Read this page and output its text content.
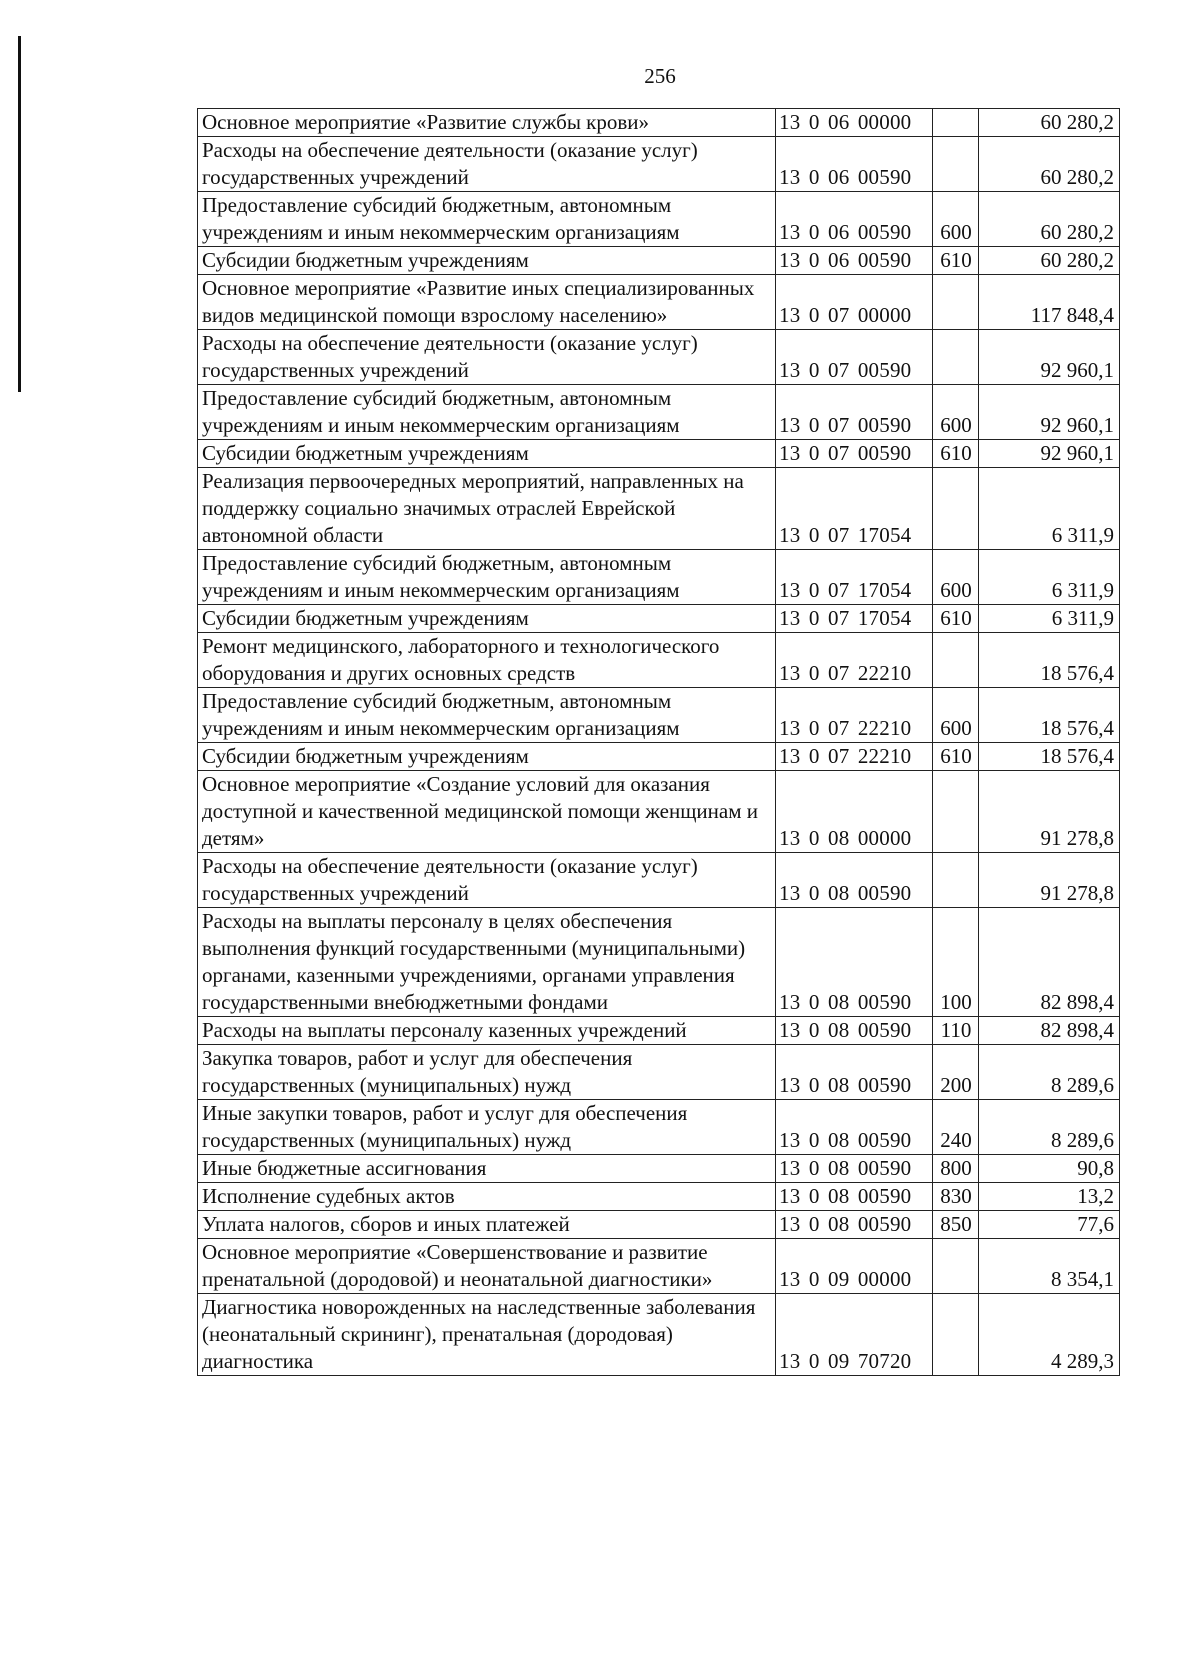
256
Основное мероприятие «Развитие службы крови»	13 0 06 00000		60 280,2
Расходы на обеспечение деятельности (оказание услуг) государственных учреждений	13 0 06 00590		60 280,2
Предоставление субсидий бюджетным, автономным учреждениям и иным некоммерческим организациям	13 0 06 00590	600	60 280,2
Субсидии бюджетным учреждениям	13 0 06 00590	610	60 280,2
Основное мероприятие «Развитие иных специализированных видов медицинской помощи взрослому населению»	13 0 07 00000		117 848,4
Расходы на обеспечение деятельности (оказание услуг) государственных учреждений	13 0 07 00590		92 960,1
Предоставление субсидий бюджетным, автономным учреждениям и иным некоммерческим организациям	13 0 07 00590	600	92 960,1
Субсидии бюджетным учреждениям	13 0 07 00590	610	92 960,1
Реализация первоочередных мероприятий, направленных на поддержку социально значимых отраслей Еврейской автономной области	13 0 07 17054		6 311,9
Предоставление субсидий бюджетным, автономным учреждениям и иным некоммерческим организациям	13 0 07 17054	600	6 311,9
Субсидии бюджетным учреждениям	13 0 07 17054	610	6 311,9
Ремонт медицинского, лабораторного и технологического оборудования и других основных средств	13 0 07 22210		18 576,4
Предоставление субсидий бюджетным, автономным учреждениям и иным некоммерческим организациям	13 0 07 22210	600	18 576,4
Субсидии бюджетным учреждениям	13 0 07 22210	610	18 576,4
Основное мероприятие «Создание условий для оказания доступной и качественной медицинской помощи женщинам и детям»	13 0 08 00000		91 278,8
Расходы на обеспечение деятельности (оказание услуг) государственных учреждений	13 0 08 00590		91 278,8
Расходы на выплаты персоналу в целях обеспечения выполнения функций государственными (муниципальными) органами, казенными учреждениями, органами управления государственными внебюджетными фондами	13 0 08 00590	100	82 898,4
Расходы на выплаты персоналу казенных учреждений	13 0 08 00590	110	82 898,4
Закупка товаров, работ и услуг для обеспечения государственных (муниципальных) нужд	13 0 08 00590	200	8 289,6
Иные закупки товаров, работ и услуг для обеспечения государственных (муниципальных) нужд	13 0 08 00590	240	8 289,6
Иные бюджетные ассигнования	13 0 08 00590	800	90,8
Исполнение судебных актов	13 0 08 00590	830	13,2
Уплата налогов, сборов и иных платежей	13 0 08 00590	850	77,6
Основное мероприятие «Совершенствование и развитие пренатальной (дородовой) и неонатальной диагностики»	13 0 09 00000		8 354,1
Диагностика новорожденных на наследственные заболевания (неонатальный скрининг), пренатальная (дородовая) диагностика	13 0 09 70720		4 289,3
